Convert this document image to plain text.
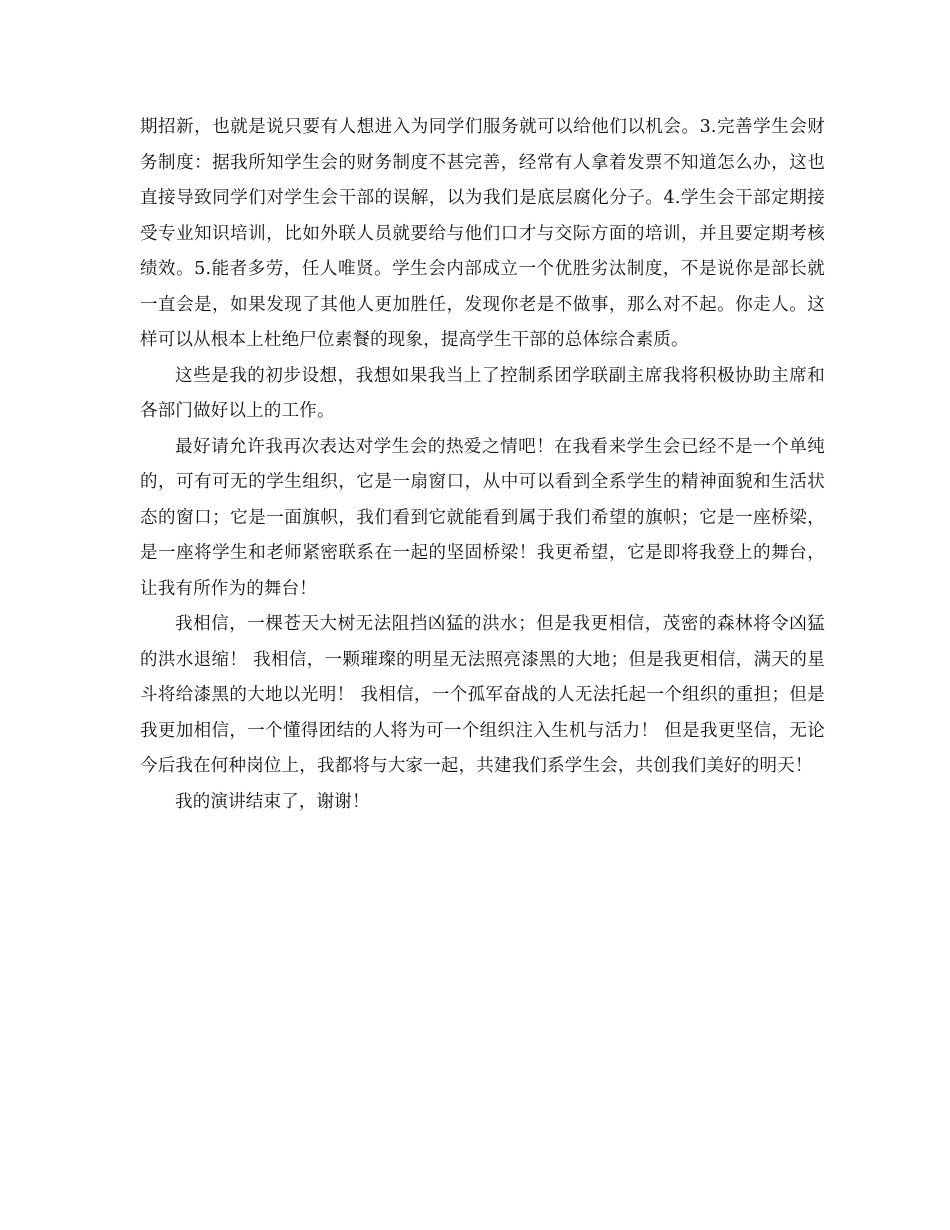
期招新，也就是说只要有人想进入为同学们服务就可以给他们以机会。3.完善学生会财务制度：据我所知学生会的财务制度不甚完善，经常有人拿着发票不知道怎么办，这也直接导致同学们对学生会干部的误解，以为我们是底层腐化分子。4.学生会干部定期接受专业知识培训，比如外联人员就要给与他们口才与交际方面的培训，并且要定期考核绩效。5.能者多劳，任人唯贤。学生会内部成立一个优胜劣汰制度，不是说你是部长就一直会是，如果发现了其他人更加胜任，发现你老是不做事，那么对不起。你走人。这样可以从根本上杜绝尸位素餐的现象，提高学生干部的总体综合素质。

这些是我的初步设想，我想如果我当上了控制系团学联副主席我将积极协助主席和各部门做好以上的工作。

最好请允许我再次表达对学生会的热爱之情吧！在我看来学生会已经不是一个单纯的，可有可无的学生组织，它是一扇窗口，从中可以看到全系学生的精神面貌和生活状态的窗口；它是一面旗帜，我们看到它就能看到属于我们希望的旗帜；它是一座桥梁，是一座将学生和老师紧密联系在一起的坚固桥梁！我更希望，它是即将我登上的舞台，让我有所作为的舞台！

我相信，一棵苍天大树无法阻挡凶猛的洪水；但是我更相信，茂密的森林将令凶猛的洪水退缩！ 我相信，一颗璀璨的明星无法照亮漆黑的大地；但是我更相信，满天的星斗将给漆黑的大地以光明！ 我相信，一个孤军奋战的人无法托起一个组织的重担；但是我更加相信，一个懂得团结的人将为可一个组织注入生机与活力！ 但是我更坚信，无论今后我在何种岗位上，我都将与大家一起，共建我们系学生会，共创我们美好的明天！

我的演讲结束了，谢谢！
